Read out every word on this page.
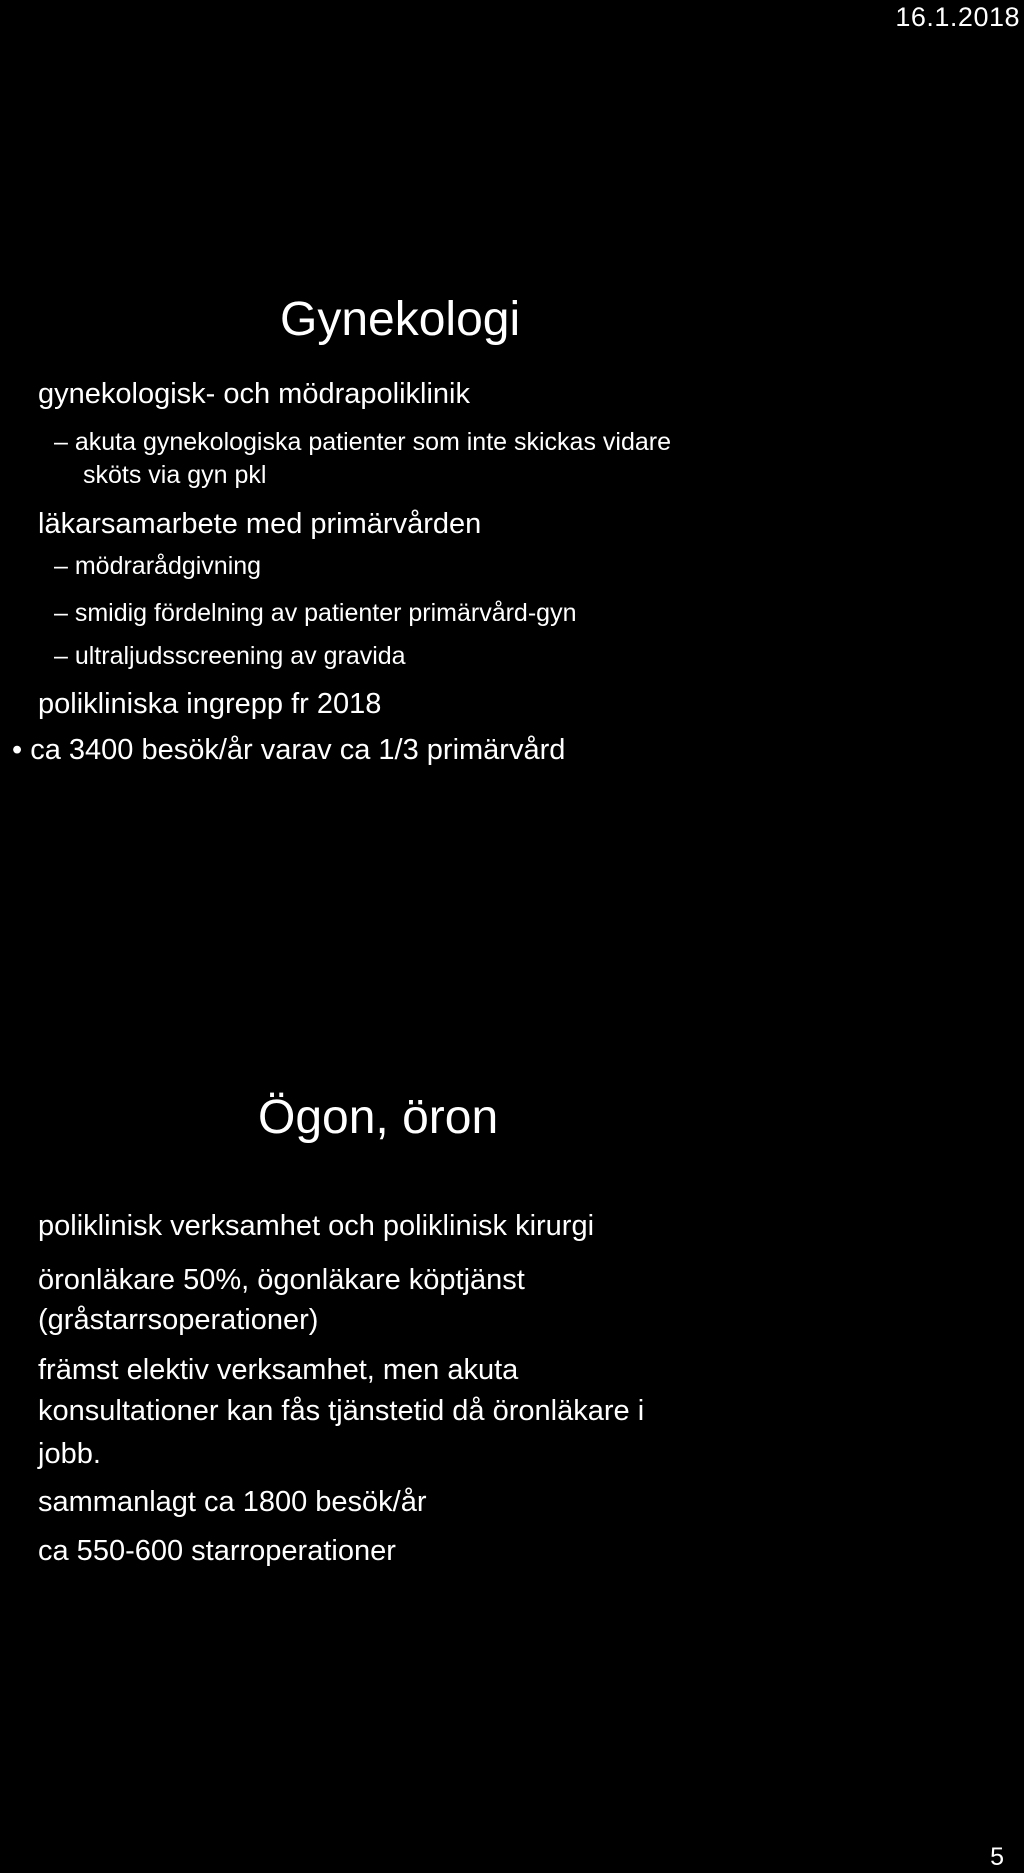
16.1.2018
Gynekologi
gynekologisk- och mödrapoliklinik
– akuta gynekologiska patienter som inte skickas vidare
sköts via gyn pkl
läkarsamarbete med primärvården
– mödrarådgivning
– smidig fördelning av patienter primärvård-gyn
– ultraljudsscreening av gravida
polikliniska ingrepp fr 2018
• ca 3400 besök/år varav ca 1/3 primärvård
Ögon, öron
poliklinisk verksamhet och poliklinisk kirurgi
öronläkare 50%, ögonläkare köptjänst
(gråstarrsoperationer)
främst elektiv verksamhet, men akuta
konsultationer kan fås tjänstetid då öronläkare i
jobb.
sammanlagt ca 1800 besök/år
ca 550-600 starroperationer
5
